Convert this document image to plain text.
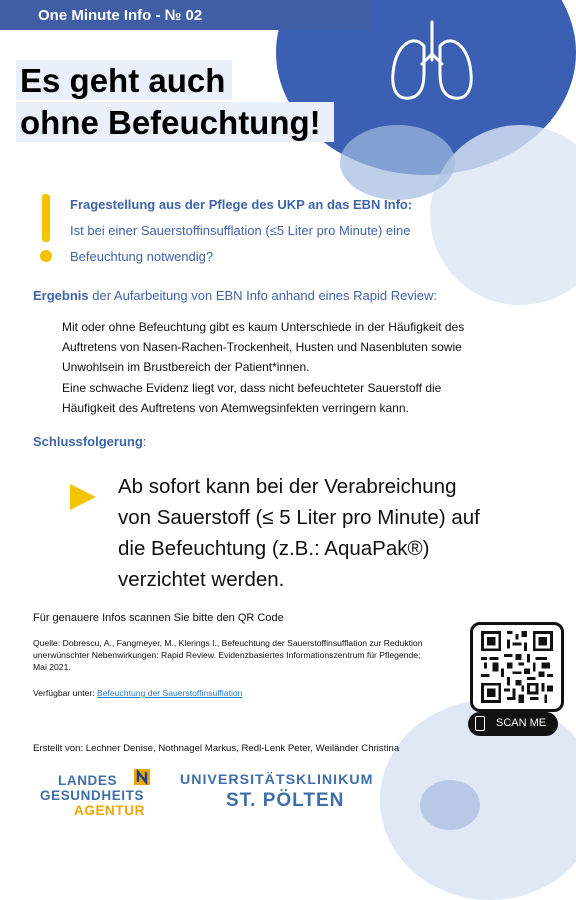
One Minute Info - № 02
Es geht auch
ohne Befeuchtung!
Fragestellung aus der Pflege des UKP an das EBN Info:
Ist bei einer Sauerstoffinsufflation (≤5 Liter pro Minute) eine
Befeuchtung notwendig?
Ergebnis der Aufarbeitung von EBN Info anhand eines Rapid Review:
Mit oder ohne Befeuchtung gibt es kaum Unterschiede in der Häufigkeit des
Auftretens von Nasen-Rachen-Trockenheit, Husten und Nasenbluten sowie
Unwohlsein im Brustbereich der Patient*innen.
Eine schwache Evidenz liegt vor, dass nicht befeuchteter Sauerstoff die
Häufigkeit des Auftretens von Atemwegsinfekten verringern kann.
Schlussfolgerung:
Ab sofort kann bei der Verabreichung
von Sauerstoff (≤ 5 Liter pro Minute) auf
die Befeuchtung (z.B.: AquaPak®)
verzichtet werden.
Für genauere Infos scannen Sie bitte den QR Code
Quelle: Dobrescu, A., Fangmeyer, M., Klerings I., Befeuchtung der Sauerstoffinsufflation zur Reduktion
unerwünschter Nebenwirkungen: Rapid Review. Evidenzbasiertes Informationszentrum für Pflegende;
Mai 2021.
Verfügbar unter: Befeuchtung der Sauerstoffinsufflation
SCAN ME
Erstellt von: Lechner Denise, Nothnagel Markus, Redl-Lenk Peter, Weiländer Christina
LANDES
GESUNDHEITS
AGENTUR
UNIVERSITÄTSKLINIKUM
ST. PÖLTEN
